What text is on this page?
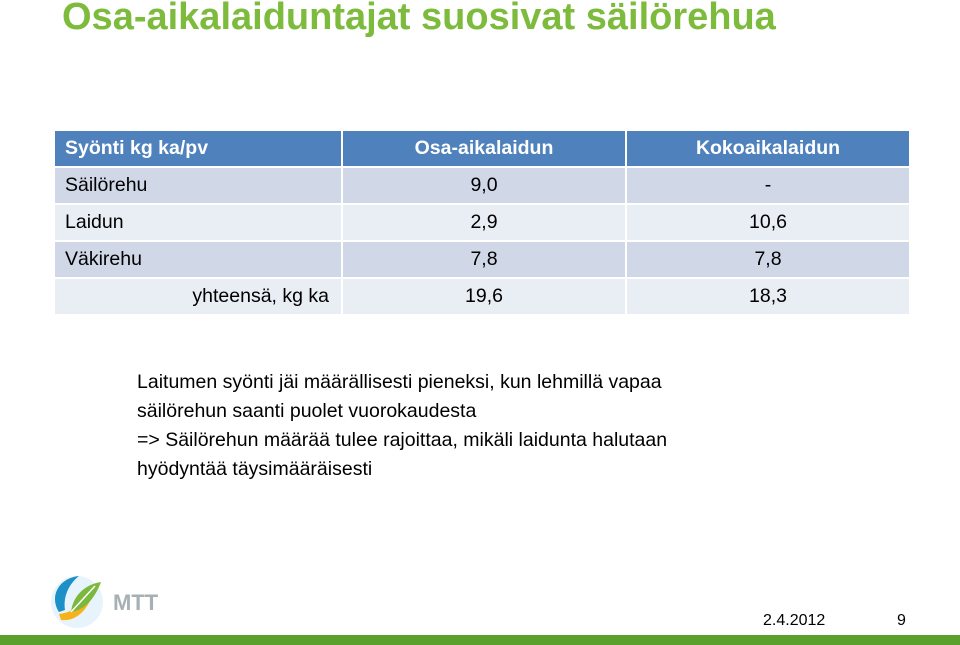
Osa-aikalaiduntajat suosivat säilörehua
Syönti kg ka/pv	Osa-aikalaidun	Kokoaikalaidun
Säilörehu	9,0	-
Laidun	2,9	10,6
Väkirehu	7,8	7,8
yhteensä, kg ka	19,6	18,3

Laitumen syönti jäi määrällisesti pieneksi, kun lehmillä vapaa
säilörehun saanti puolet vuorokaudesta
=> Säilörehun määrää tulee rajoittaa, mikäli laidunta halutaan
hyödyntää täysimääräisesti

MTT
2.4.2012	9
